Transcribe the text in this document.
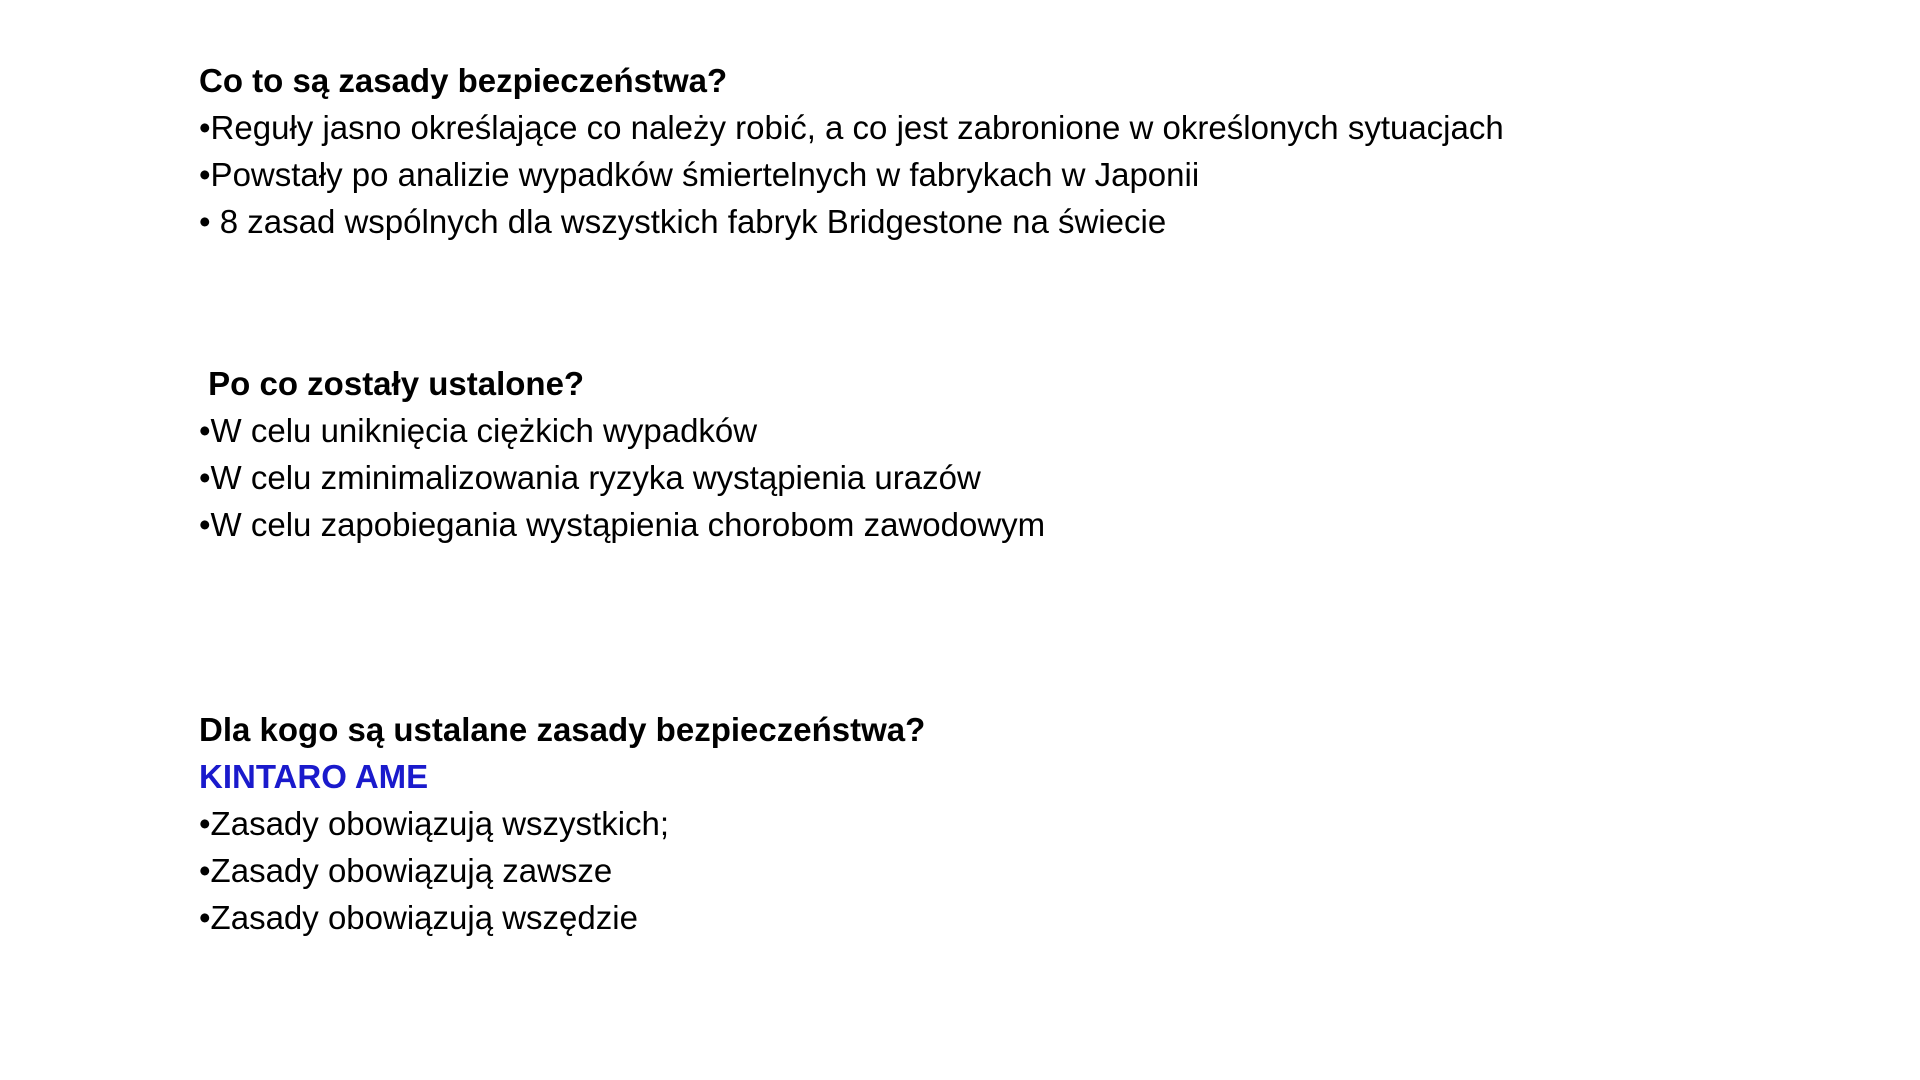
Co to są zasady bezpieczeństwa?
•Reguły jasno określające co należy robić, a co jest zabronione w określonych sytuacjach
•Powstały po analizie wypadków śmiertelnych w fabrykach w Japonii
• 8 zasad wspólnych dla wszystkich fabryk Bridgestone na świecie
Po co zostały ustalone?
•W celu uniknięcia ciężkich wypadków
•W celu zminimalizowania ryzyka wystąpienia urazów
•W celu zapobiegania wystąpienia chorobom zawodowym
Dla kogo są ustalane zasady bezpieczeństwa?
KINTARO AME
•Zasady obowiązują wszystkich;
•Zasady obowiązują zawsze
•Zasady obowiązują wszędzie
